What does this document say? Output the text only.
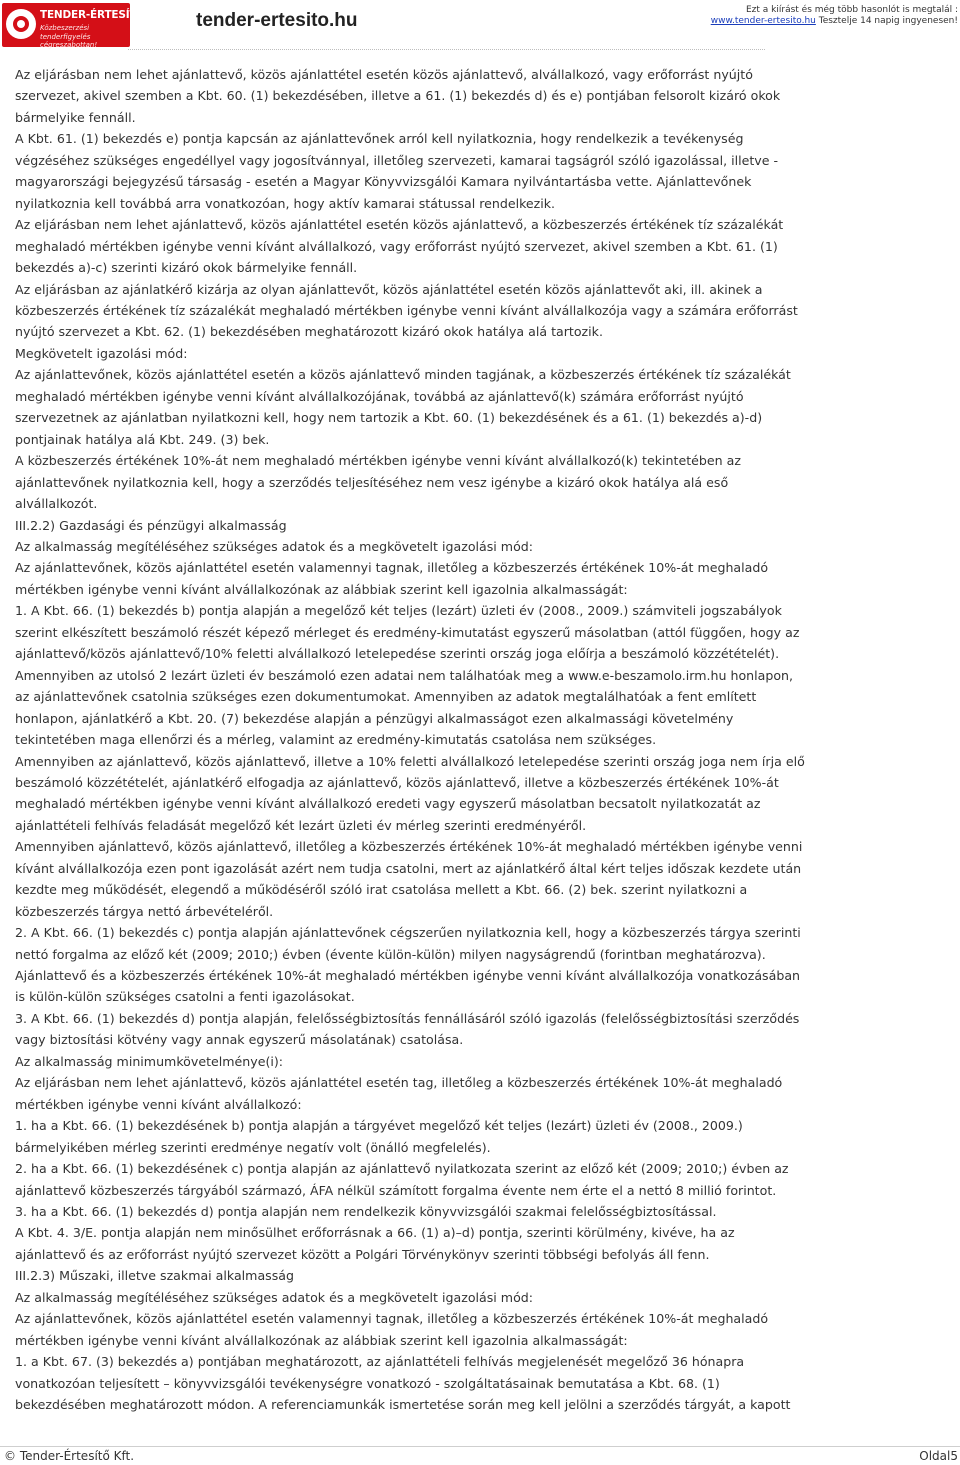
TENDER-ÉRTESÍTŐ.hu
Közbeszerzési tenderfigyelés cégreszabottan!
tender-ertesito.hu	Ezt a kiírást és még több hasonlót is megtalál :
www.tender-ertesito.hu Tesztelje 14 napig ingyenesen!

Az eljárásban nem lehet ajánlattevő, közös ajánlattétel esetén közös ajánlattevő, alvállalkozó, vagy erőforrást nyújtó szervezet, akivel szemben a Kbt. 60. (1) bekezdésében, illetve a 61. (1) bekezdés d) és e) pontjában felsorolt kizáró okok bármelyike fennáll.

A Kbt. 61. (1) bekezdés e) pontja kapcsán az ajánlattevőnek arról kell nyilatkoznia, hogy rendelkezik a tevékenység végzéséhez szükséges engedéllyel vagy jogosítvánnyal, illetőleg szervezeti, kamarai tagságról szóló igazolással, illetve - magyarországi bejegyzésű társaság - esetén a Magyar Könyvvizsgálói Kamara nyilvántartásba vette. Ajánlattevőnek nyilatkoznia kell továbbá arra vonatkozóan, hogy aktív kamarai státussal rendelkezik.

Az eljárásban nem lehet ajánlattevő, közös ajánlattétel esetén közös ajánlattevő, a közbeszerzés értékének tíz százalékát meghaladó mértékben igénybe venni kívánt alvállalkozó, vagy erőforrást nyújtó szervezet, akivel szemben a Kbt. 61. (1) bekezdés a)-c) szerinti kizáró okok bármelyike fennáll.

Az eljárásban az ajánlatkérő kizárja az olyan ajánlattevőt, közös ajánlattétel esetén közös ajánlattevőt aki, ill. akinek a közbeszerzés értékének tíz százalékát meghaladó mértékben igénybe venni kívánt alvállalkozója vagy a számára erőforrást nyújtó szervezet a Kbt. 62. (1) bekezdésében meghatározott kizáró okok hatálya alá tartozik.

Megkövetelt igazolási mód:

Az ajánlattevőnek, közös ajánlattétel esetén a közös ajánlattevő minden tagjának, a közbeszerzés értékének tíz százalékát meghaladó mértékben igénybe venni kívánt alvállalkozójának, továbbá az ajánlattevő(k) számára erőforrást nyújtó szervezetnek az ajánlatban nyilatkozni kell, hogy nem tartozik a Kbt. 60. (1) bekezdésének és a 61. (1) bekezdés a)-d) pontjainak hatálya alá Kbt. 249. (3) bek.

A közbeszerzés értékének 10%-át nem meghaladó mértékben igénybe venni kívánt alvállalkozó(k) tekintetében az ajánlattevőnek nyilatkoznia kell, hogy a szerződés teljesítéséhez nem vesz igénybe a kizáró okok hatálya alá eső alvállalkozót.

III.2.2) Gazdasági és pénzügyi alkalmasság

Az alkalmasság megítéléséhez szükséges adatok és a megkövetelt igazolási mód:

Az ajánlattevőnek, közös ajánlattétel esetén valamennyi tagnak, illetőleg a közbeszerzés értékének 10%-át meghaladó mértékben igénybe venni kívánt alvállalkozónak az alábbiak szerint kell igazolnia alkalmasságát:

1. A Kbt. 66. (1) bekezdés b) pontja alapján a megelőző két teljes (lezárt) üzleti év (2008., 2009.) számviteli jogszabályok szerint elkészített beszámoló részét képező mérleget és eredmény-kimutatást egyszerű másolatban (attól függően, hogy az ajánlattevő/közös ajánlattevő/10% feletti alvállalkozó letelepedése szerinti ország joga előírja a beszámoló közzétételét). Amennyiben az utolsó 2 lezárt üzleti év beszámoló ezen adatai nem találhatóak meg a www.e-beszamolo.irm.hu honlapon, az ajánlattevőnek csatolnia szükséges ezen dokumentumokat. Amennyiben az adatok megtalálhatóak a fent említett honlapon, ajánlatkérő a Kbt. 20. (7) bekezdése alapján a pénzügyi alkalmasságot ezen alkalmassági követelmény tekintetében maga ellenőrzi és a mérleg, valamint az eredmény-kimutatás csatolása nem szükséges.

Amennyiben az ajánlattevő, közös ajánlattevő, illetve a 10% feletti alvállalkozó letelepedése szerinti ország joga nem írja elő beszámoló közzétételét, ajánlatkérő elfogadja az ajánlattevő, közös ajánlattevő, illetve a közbeszerzés értékének 10%-át meghaladó mértékben igénybe venni kívánt alvállalkozó eredeti vagy egyszerű másolatban becsatolt nyilatkozatát az ajánlattételi felhívás feladását megelőző két lezárt üzleti év mérleg szerinti eredményéről.

Amennyiben ajánlattevő, közös ajánlattevő, illetőleg a közbeszerzés értékének 10%-át meghaladó mértékben igénybe venni kívánt alvállalkozója ezen pont igazolását azért nem tudja csatolni, mert az ajánlatkérő által kért teljes időszak kezdete után kezdte meg működését, elegendő a működéséről szóló irat csatolása mellett a Kbt. 66. (2) bek. szerint nyilatkozni a közbeszerzés tárgya nettó árbevételéről.

2. A Kbt. 66. (1) bekezdés c) pontja alapján ajánlattevőnek cégszerűen nyilatkoznia kell, hogy a közbeszerzés tárgya szerinti nettó forgalma az előző két (2009; 2010;) évben (évente külön-külön) milyen nagyságrendű (forintban meghatározva). Ajánlattevő és a közbeszerzés értékének 10%-át meghaladó mértékben igénybe venni kívánt alvállalkozója vonatkozásában is külön-külön szükséges csatolni a fenti igazolásokat.

3. A Kbt. 66. (1) bekezdés d) pontja alapján, felelősségbiztosítás fennállásáról szóló igazolás (felelősségbiztosítási szerződés vagy biztosítási kötvény vagy annak egyszerű másolatának) csatolása.

Az alkalmasság minimumkövetelménye(i):

Az eljárásban nem lehet ajánlattevő, közös ajánlattétel esetén tag, illetőleg a közbeszerzés értékének 10%-át meghaladó mértékben igénybe venni kívánt alvállalkozó:

1. ha a Kbt. 66. (1) bekezdésének b) pontja alapján a tárgyévet megelőző két teljes (lezárt) üzleti év (2008., 2009.) bármelyikében mérleg szerinti eredménye negatív volt (önálló megfelelés).

2. ha a Kbt. 66. (1) bekezdésének c) pontja alapján az ajánlattevő nyilatkozata szerint az előző két (2009; 2010;) évben az ajánlattevő közbeszerzés tárgyából származó, ÁFA nélkül számított forgalma évente nem érte el a nettó 8 millió forintot.

3. ha a Kbt. 66. (1) bekezdés d) pontja alapján nem rendelkezik könyvvizsgálói szakmai felelősségbiztosítással.

A Kbt. 4. 3/E. pontja alapján nem minősülhet erőforrásnak a 66. (1) a)–d) pontja, szerinti körülmény, kivéve, ha az ajánlattevő és az erőforrást nyújtó szervezet között a Polgári Törvénykönyv szerinti többségi befolyás áll fenn.

III.2.3) Műszaki, illetve szakmai alkalmasság

Az alkalmasság megítéléséhez szükséges adatok és a megkövetelt igazolási mód:

Az ajánlattevőnek, közös ajánlattétel esetén valamennyi tagnak, illetőleg a közbeszerzés értékének 10%-át meghaladó mértékben igénybe venni kívánt alvállalkozónak az alábbiak szerint kell igazolnia alkalmasságát:

1. a Kbt. 67. (3) bekezdés a) pontjában meghatározott, az ajánlattételi felhívás megjelenését megelőző 36 hónapra vonatkozóan teljesített – könyvvizsgálói tevékenységre vonatkozó - szolgáltatásainak bemutatása a Kbt. 68. (1) bekezdésében meghatározott módon. A referenciamunkák ismertetése során meg kell jelölni a szerződés tárgyát, a kapott

© Tender-Értesítő Kft.	Oldal5
